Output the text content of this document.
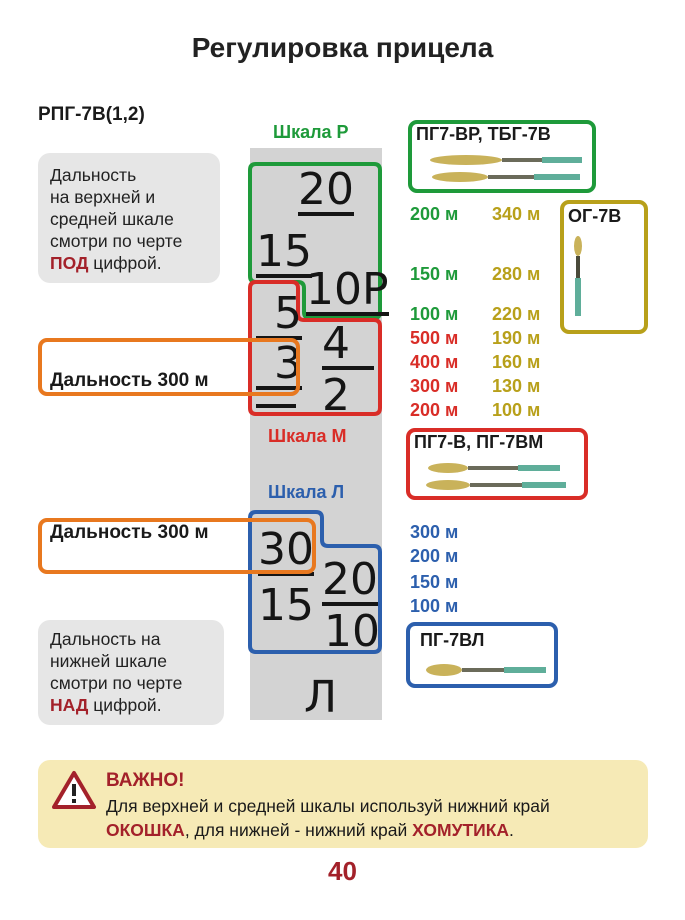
Регулировка прицела
РПГ-7В(1,2)
Дальность
на верхней и
средней шкале
смотри по черте
ПОД цифрой.
Дальность на
нижней шкале
смотри по черте
НАД цифрой.
Шкала Р
Шкала М
Шкала Л
20
15
10Р
5
3 4
2
30
15
20
10
Л
Дальность 300 м
Дальность 300 м
ПГ7-ВР, ТБГ-7В
ОГ-7В
ПГ7-В, ПГ-7ВМ
ПГ-7ВЛ
200 м
150 м
100 м
340 м
280 м
220 м
190 м
160 м
130 м
100 м
500 м
400 м
300 м
200 м
300 м
200 м
150 м
100 м
ВАЖНО!
Для верхней и средней шкалы используй нижний край
ОКОШКА, для нижней - нижний край ХОМУТИКА.
40
